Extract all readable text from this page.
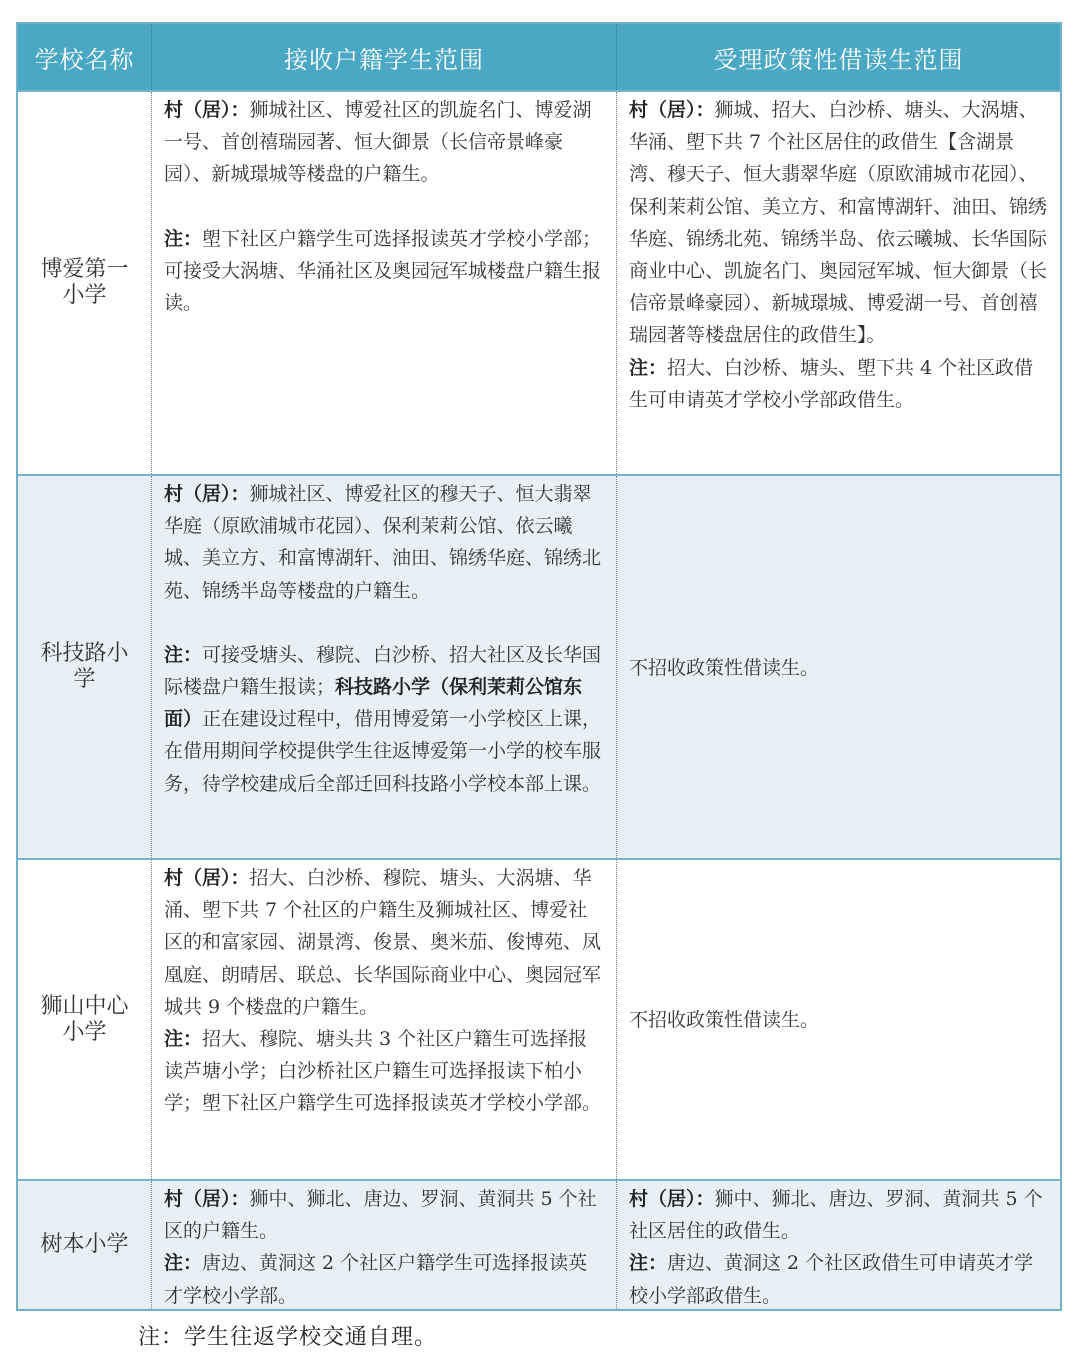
学校名称	接收户籍学生范围	受理政策性借读生范围
博爱第一小学

村（居）：狮城社区、博爱社区的凯旋名门、博爱湖一号、首创禧瑞园著、恒大御景（长信帝景峰豪园）、新城璟城等楼盘的户籍生。

注：塱下社区户籍学生可选择报读英才学校小学部；可接受大涡塘、华涌社区及奥园冠军城楼盘户籍生报读。

村（居）：狮城、招大、白沙桥、塘头、大涡塘、华涌、塱下共 7 个社区居住的政借生【含湖景湾、穆天子、恒大翡翠华庭（原欧浦城市花园）、保利茉莉公馆、美立方、和富博湖轩、油田、锦绣华庭、锦绣北苑、锦绣半岛、依云曦城、长华国际商业中心、凯旋名门、奥园冠军城、恒大御景（长信帝景峰豪园）、新城璟城、博爱湖一号、首创禧瑞园著等楼盘居住的政借生】。

注：招大、白沙桥、塘头、塱下共 4 个社区政借生可申请英才学校小学部政借生。

科技路小学

村（居）：狮城社区、博爱社区的穆天子、恒大翡翠华庭（原欧浦城市花园）、保利茉莉公馆、依云曦城、美立方、和富博湖轩、油田、锦绣华庭、锦绣北苑、锦绣半岛等楼盘的户籍生。

注：可接受塘头、穆院、白沙桥、招大社区及长华国际楼盘户籍生报读；科技路小学（保利茉莉公馆东面）正在建设过程中，借用博爱第一小学校区上课，在借用期间学校提供学生往返博爱第一小学的校车服务，待学校建成后全部迁回科技路小学校本部上课。

不招收政策性借读生。

狮山中心小学

村（居）：招大、白沙桥、穆院、塘头、大涡塘、华涌、塱下共 7 个社区的户籍生及狮城社区、博爱社区的和富家园、湖景湾、俊景、奥米茄、俊博苑、凤凰庭、朗晴居、联总、长华国际商业中心、奥园冠军城共 9 个楼盘的户籍生。

注：招大、穆院、塘头共 3 个社区户籍生可选择报读芦塘小学；白沙桥社区户籍生可选择报读下柏小学；塱下社区户籍学生可选择报读英才学校小学部。

不招收政策性借读生。

树本小学

村（居）：狮中、狮北、唐边、罗洞、黄洞共 5 个社区的户籍生。

注：唐边、黄洞这 2 个社区户籍学生可选择报读英才学校小学部。

村（居）：狮中、狮北、唐边、罗洞、黄洞共 5 个社区居住的政借生。

注：唐边、黄洞这 2 个社区政借生可申请英才学校小学部政借生。

注：学生往返学校交通自理。
